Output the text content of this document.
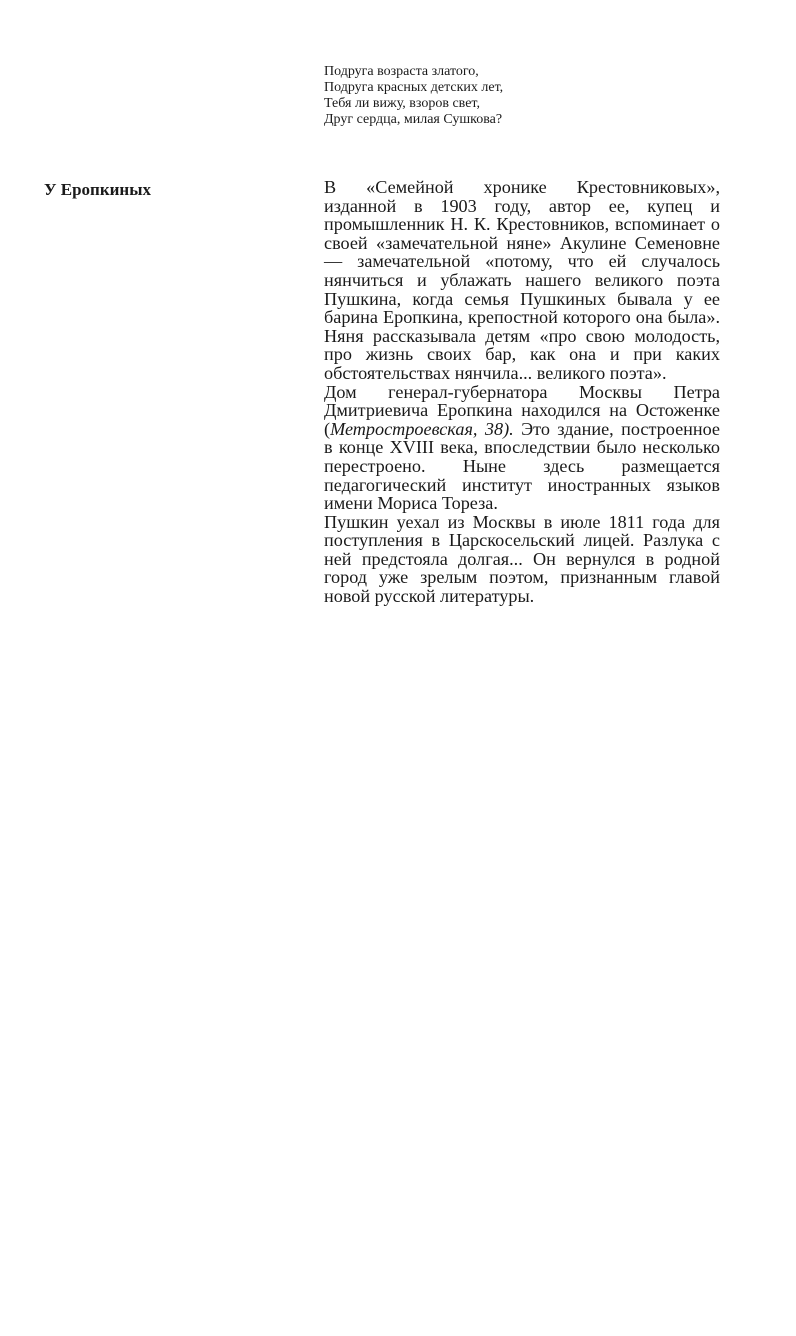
Подруга возраста златого,
Подруга красных детских лет,
Тебя ли вижу, взоров свет,
Друг сердца, милая Сушкова?
У Еропкиных	В «Семейной хронике Крестовниковых», изданной в 1903 году, автор ее, купец и промышленник Н. К. Крестовников, вспоминает о своей «замечательной няне» Акулине Семеновне — замечательной «потому, что ей случалось нянчиться и ублажать нашего великого поэта Пушкина, когда семья Пушкиных бывала у ее барина Еропкина, крепостной которого она была». Няня рассказывала детям «про свою молодость, про жизнь своих бар, как она и при каких обстоятельствах нянчила... великого поэта».

Дом генерал-губернатора Москвы Петра Дмитриевича Еропкина находился на Остоженке (Метростроевская, 38). Это здание, построенное в конце XVIII века, впоследствии было несколько перестроено. Ныне здесь размещается педагогический институт иностранных языков имени Мориса Тореза.

Пушкин уехал из Москвы в июле 1811 года для поступления в Царскосельский лицей. Разлука с ней предстояла долгая... Он вернулся в родной город уже зрелым поэтом, признанным главой новой русской литературы.
